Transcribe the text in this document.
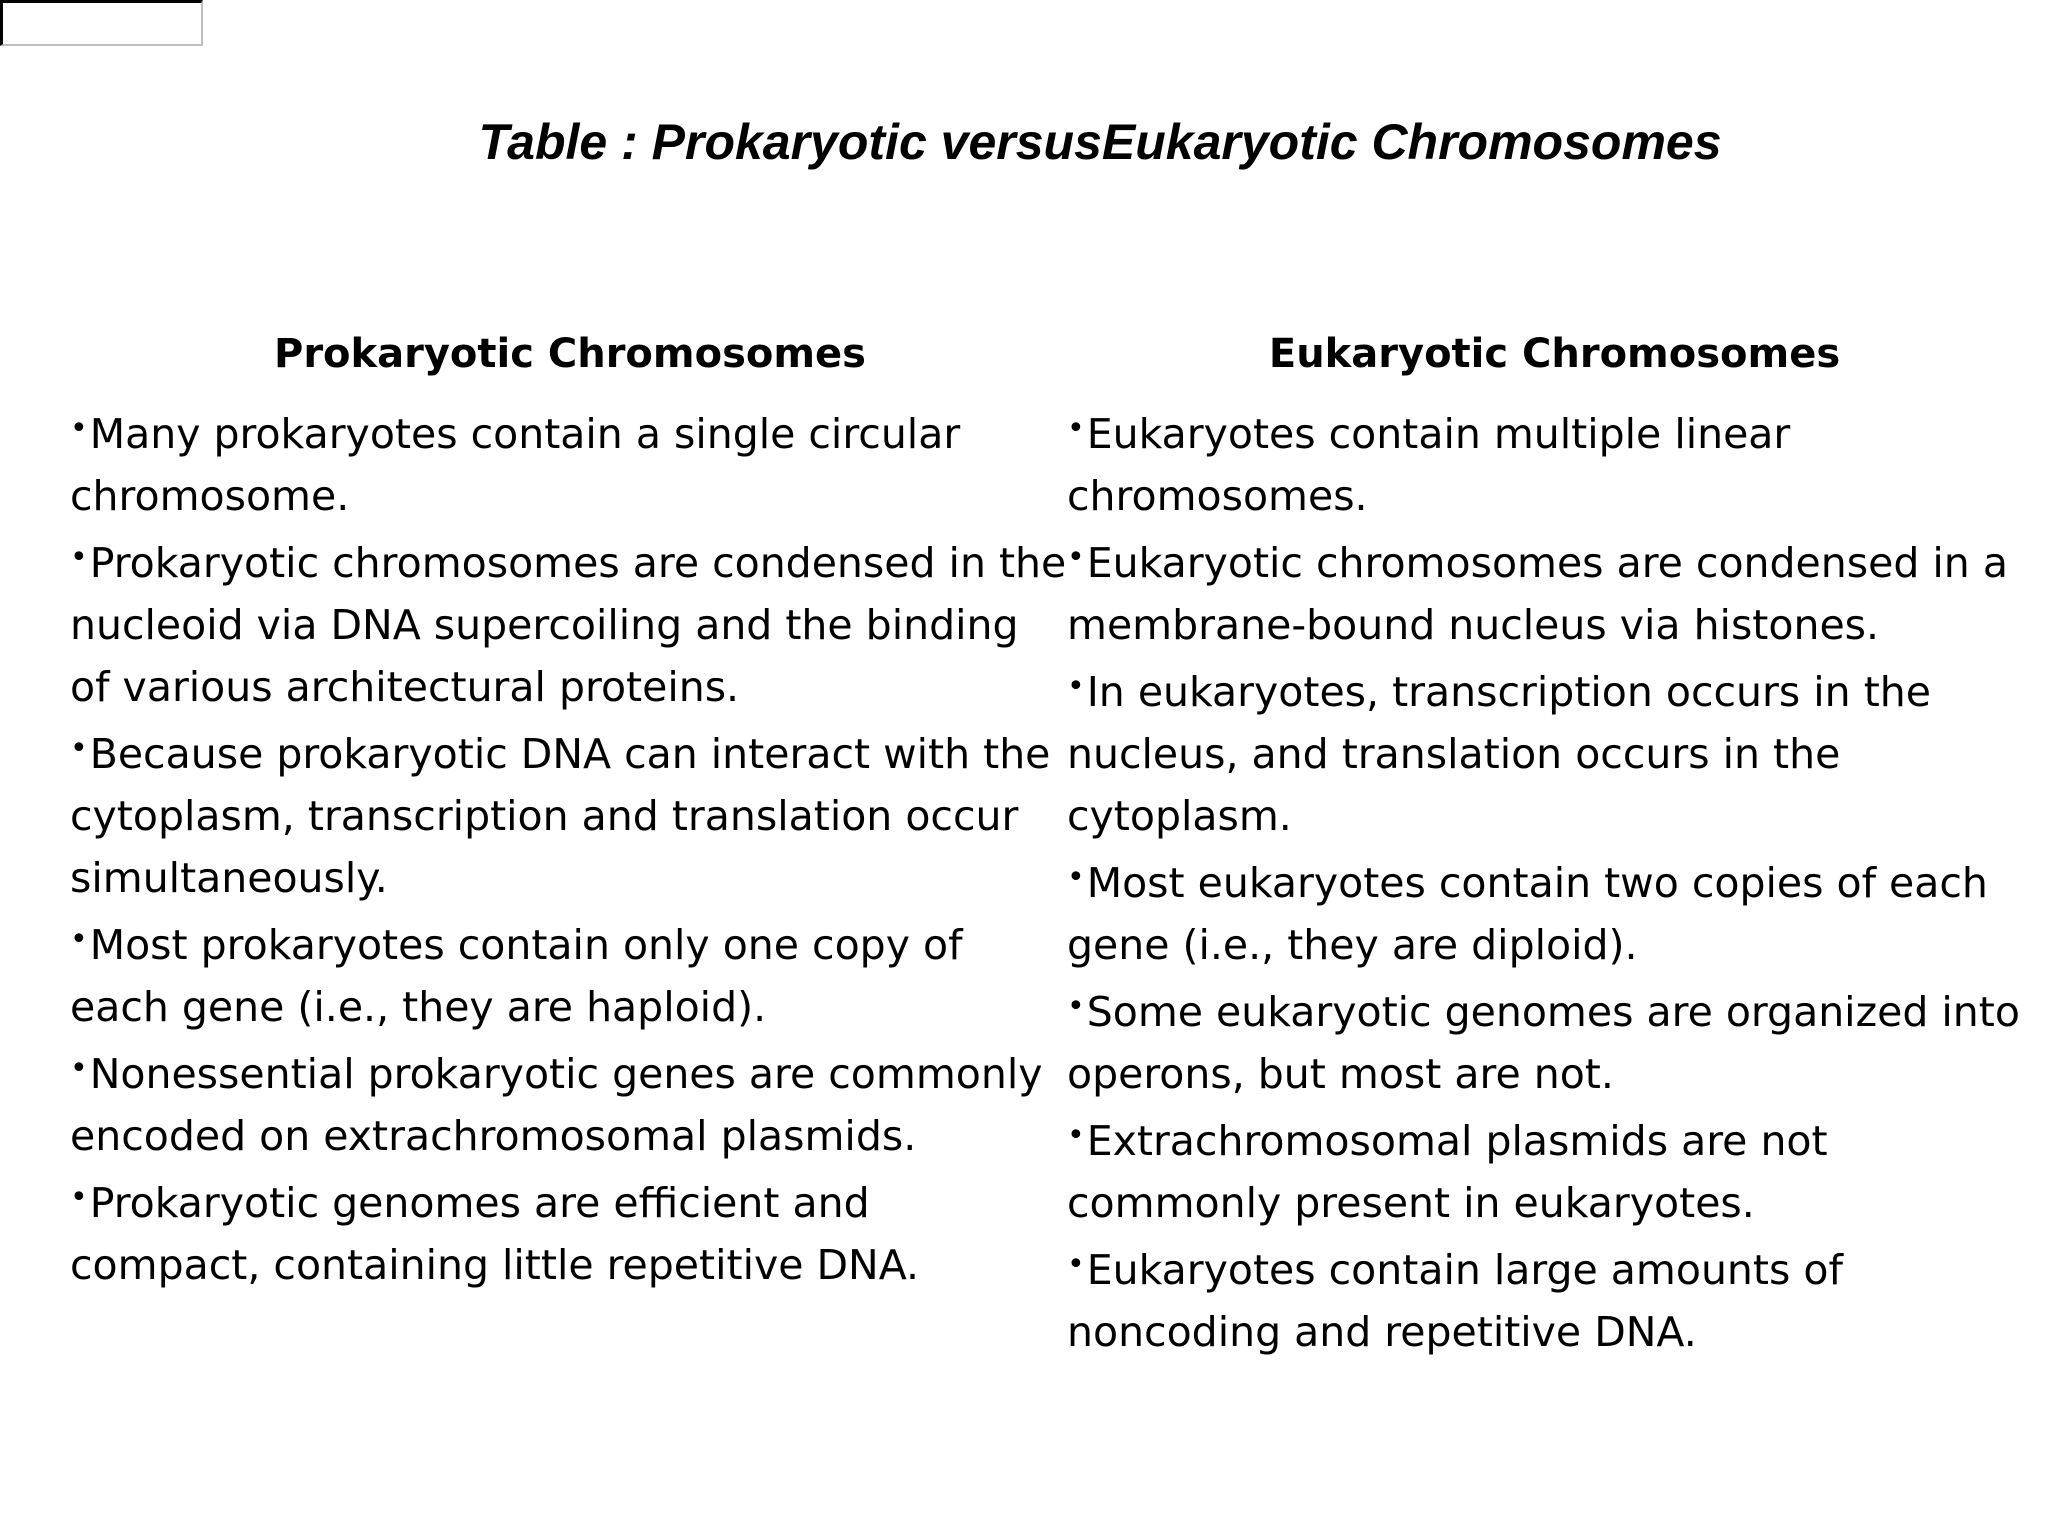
Table : Prokaryotic versusEukaryotic Chromosomes
Prokaryotic Chromosomes
•Many prokaryotes contain a single circular chromosome.
•Prokaryotic chromosomes are condensed in the nucleoid via DNA supercoiling and the binding of various architectural proteins.
•Because prokaryotic DNA can interact with the cytoplasm, transcription and translation occur simultaneously.
•Most prokaryotes contain only one copy of each gene (i.e., they are haploid).
•Nonessential prokaryotic genes are commonly encoded on extrachromosomal plasmids.
•Prokaryotic genomes are efficient and compact, containing little repetitive DNA.
Eukaryotic Chromosomes
•Eukaryotes contain multiple linear chromosomes.
•Eukaryotic chromosomes are condensed in a membrane-bound nucleus via histones.
•In eukaryotes, transcription occurs in the nucleus, and translation occurs in the cytoplasm.
•Most eukaryotes contain two copies of each gene (i.e., they are diploid).
•Some eukaryotic genomes are organized into operons, but most are not.
•Extrachromosomal plasmids are not commonly present in eukaryotes.
•Eukaryotes contain large amounts of noncoding and repetitive DNA.
